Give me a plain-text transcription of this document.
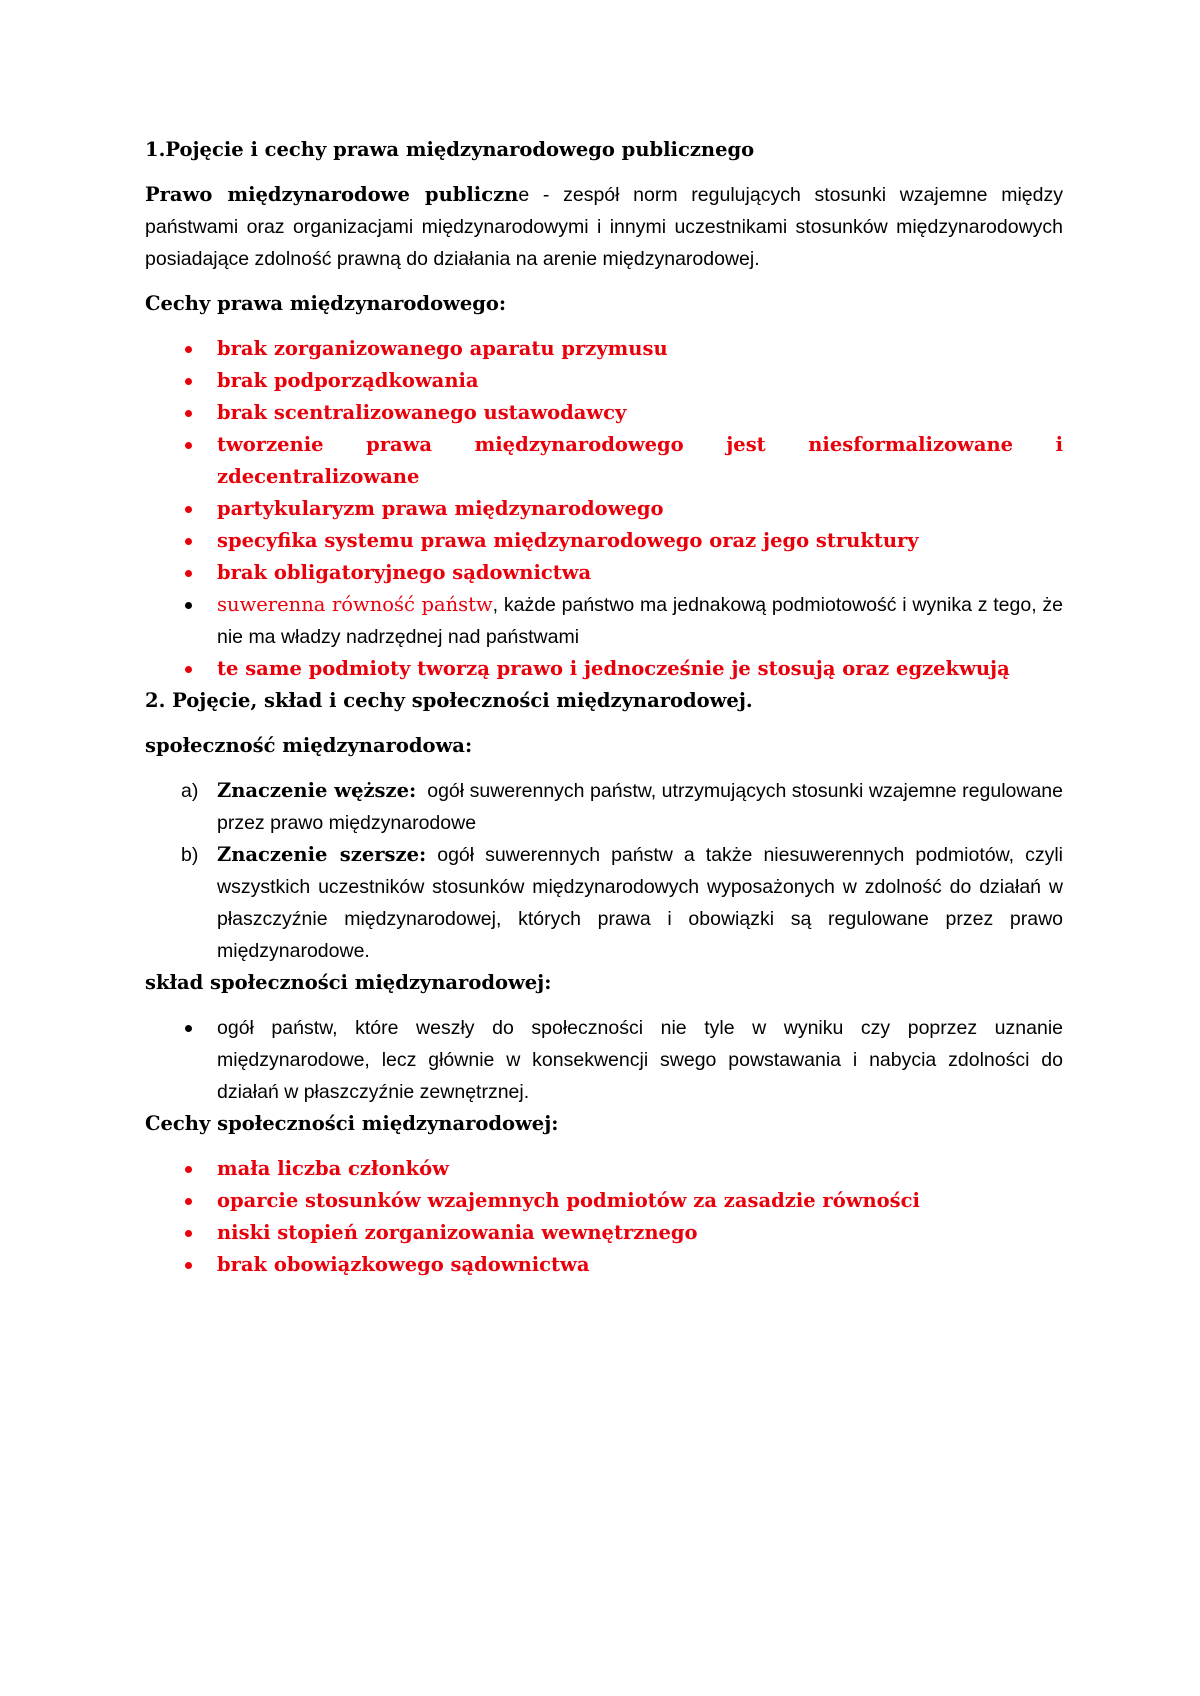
1.Pojęcie i cechy prawa międzynarodowego publicznego

Prawo międzynarodowe publiczne - zespół norm regulujących stosunki wzajemne między państwami oraz organizacjami międzynarodowymi i innymi uczestnikami stosunków międzynarodowych posiadające zdolność prawną do działania na arenie międzynarodowej.

Cechy prawa międzynarodowego:

brak zorganizowanego aparatu przymusu
brak podporządkowania
brak scentralizowanego ustawodawcy
tworzenie prawa międzynarodowego jest niesformalizowane i zdecentralizowane
partykularyzm prawa międzynarodowego
specyfika systemu prawa międzynarodowego oraz jego struktury
brak obligatoryjnego sądownictwa
suwerenna równość państw, każde państwo ma jednakową podmiotowość i wynika z tego, że nie ma władzy nadrzędnej nad państwami
te same podmioty tworzą prawo i jednocześnie je stosują oraz egzekwują

2. Pojęcie, skład i cechy społeczności międzynarodowej.

społeczność międzynarodowa:

a) Znaczenie węższe:  ogół suwerennych państw, utrzymujących stosunki wzajemne regulowane przez prawo międzynarodowe
b) Znaczenie szersze: ogół suwerennych państw a także niesuwerennych podmiotów, czyli wszystkich uczestników stosunków międzynarodowych wyposażonych w zdolność do działań w płaszczyźnie międzynarodowej, których prawa i obowiązki są regulowane przez prawo międzynarodowe.

skład społeczności międzynarodowej:

ogół państw, które weszły do społeczności nie tyle w wyniku czy poprzez uznanie międzynarodowe, lecz głównie w konsekwencji swego powstawania i nabycia zdolności do działań w płaszczyźnie zewnętrznej.

Cechy społeczności międzynarodowej:

mała liczba członków
oparcie stosunków wzajemnych podmiotów za zasadzie równości
niski stopień zorganizowania wewnętrznego
brak obowiązkowego sądownictwa
